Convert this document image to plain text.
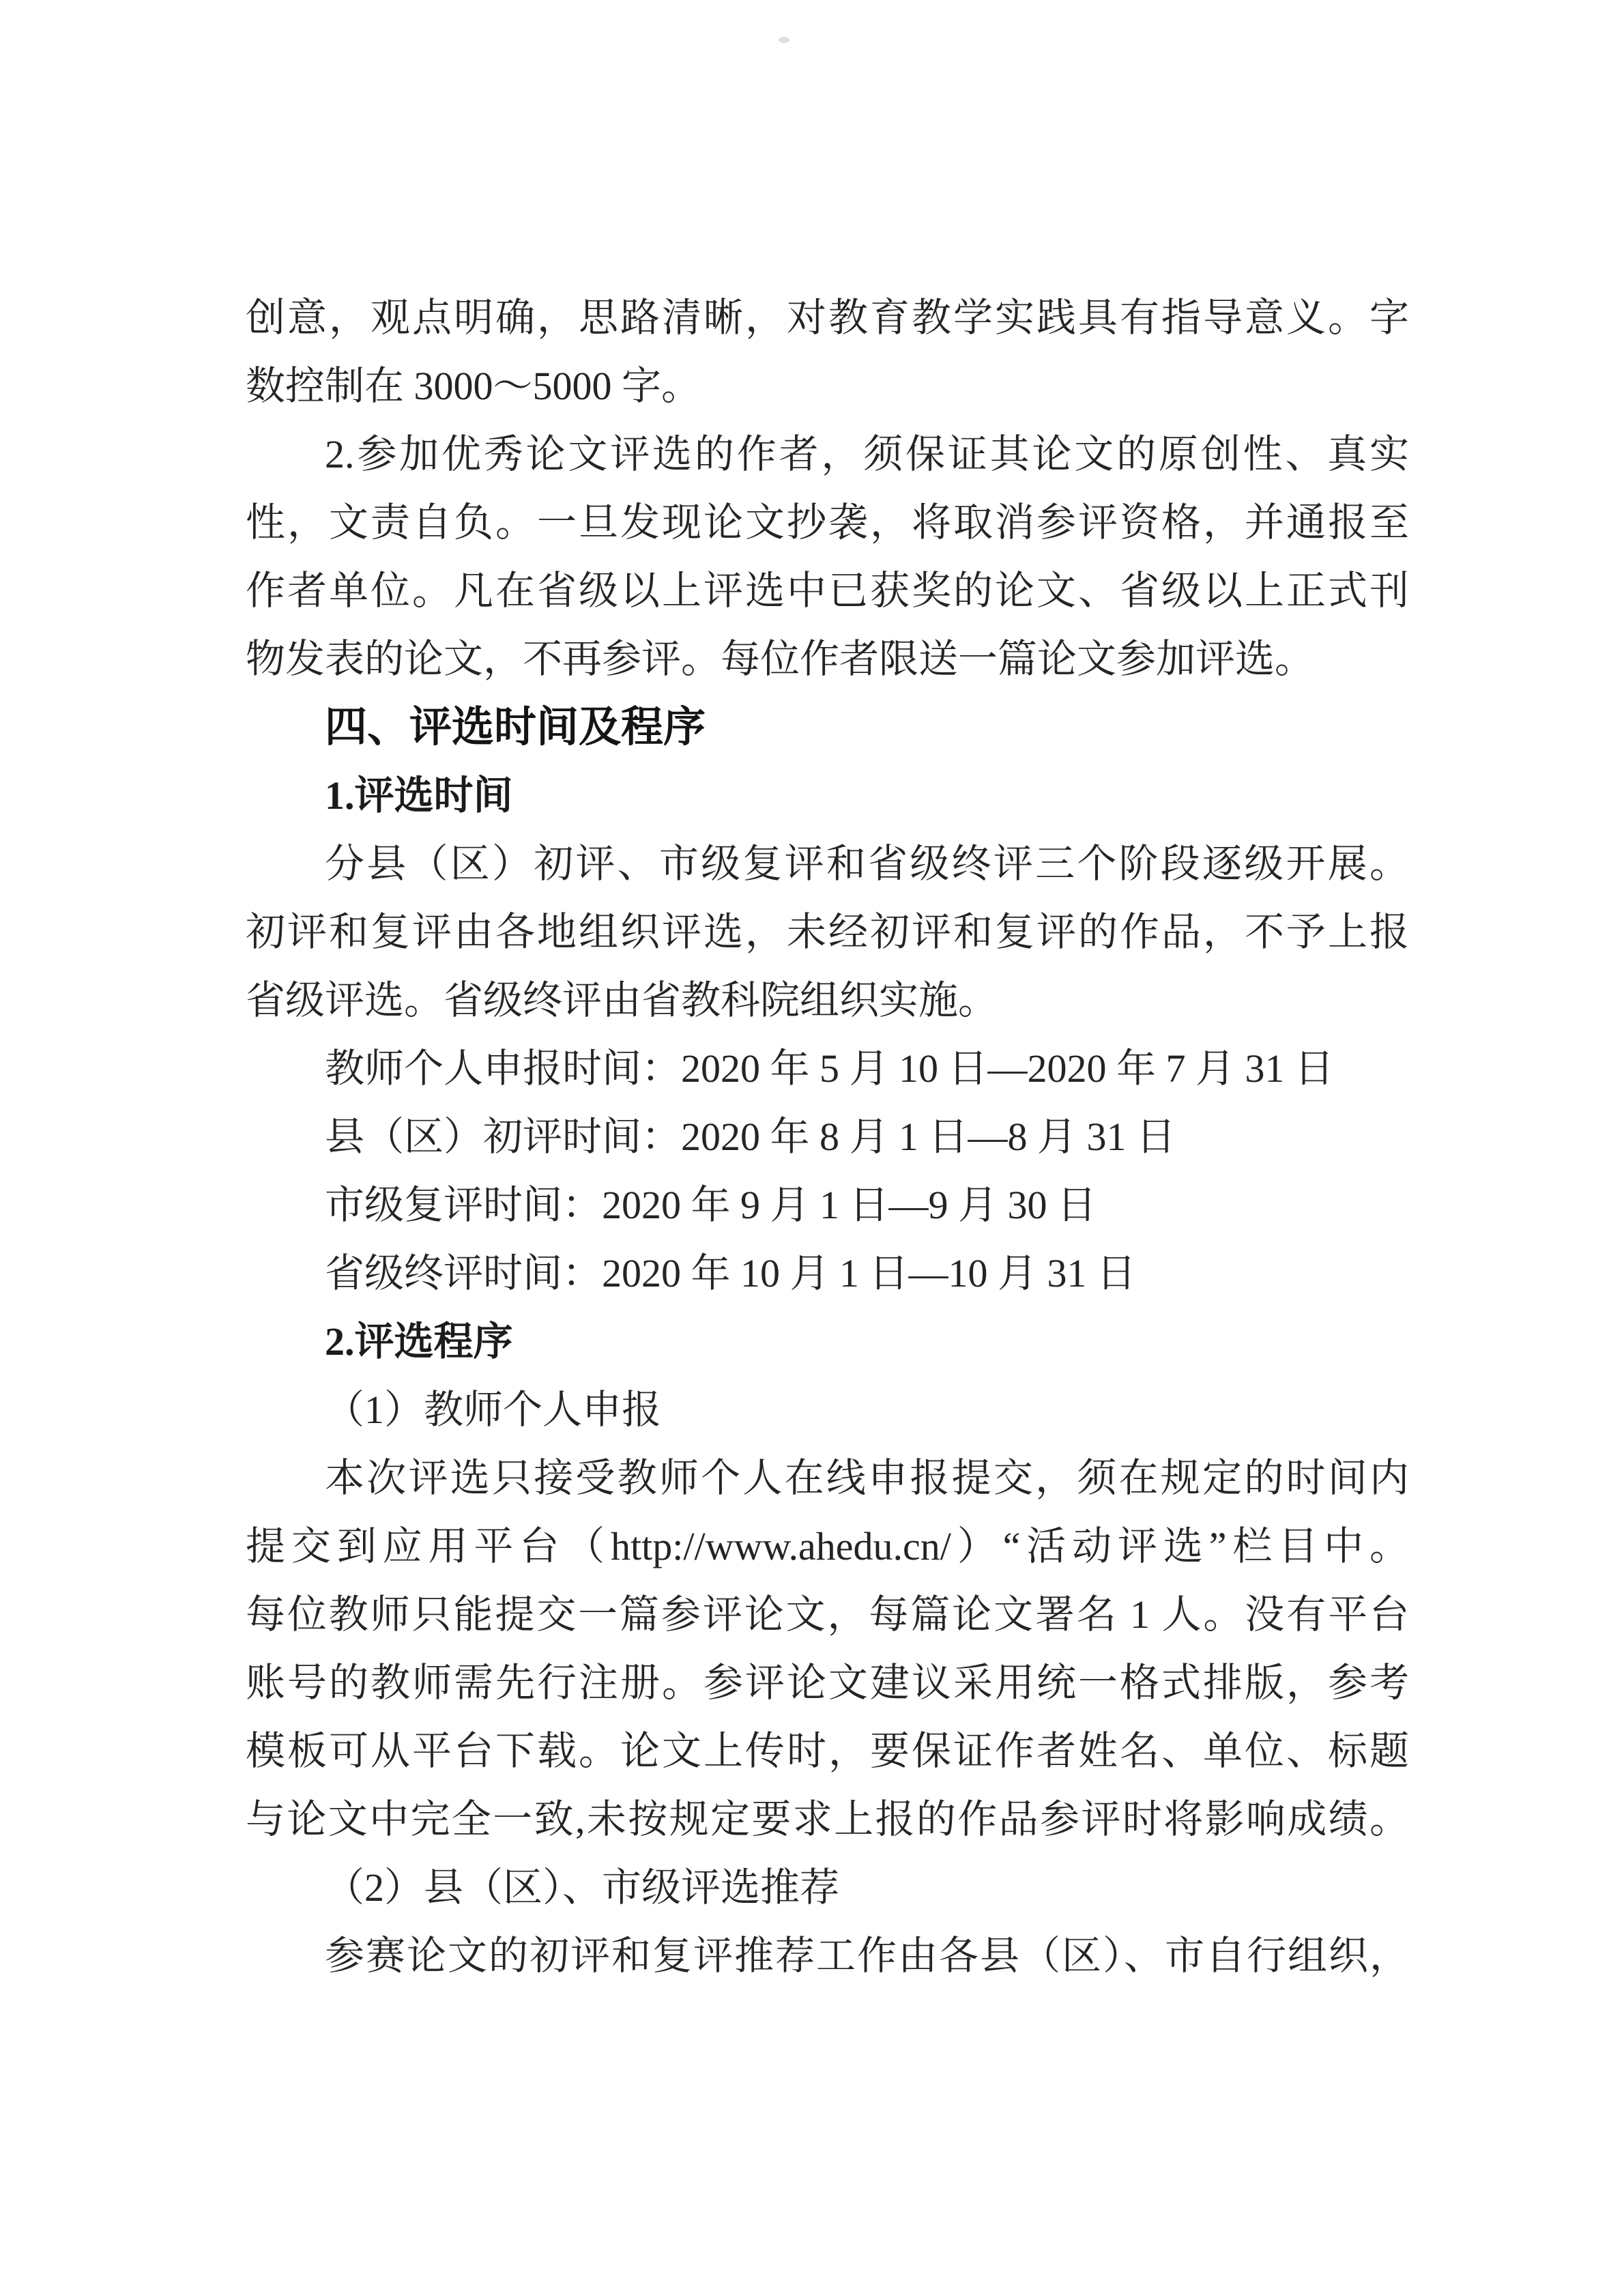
创意，观点明确，思路清晰，对教育教学实践具有指导意义。字
数控制在 3000～5000 字。
2.参加优秀论文评选的作者，须保证其论文的原创性、真实
性，文责自负。一旦发现论文抄袭，将取消参评资格，并通报至
作者单位。凡在省级以上评选中已获奖的论文、省级以上正式刊
物发表的论文，不再参评。每位作者限送一篇论文参加评选。
四、评选时间及程序
1.评选时间
分县（区）初评、市级复评和省级终评三个阶段逐级开展。
初评和复评由各地组织评选，未经初评和复评的作品，不予上报
省级评选。省级终评由省教科院组织实施。
教师个人申报时间：2020 年 5 月 10 日—2020 年 7 月 31 日
县（区）初评时间：2020 年 8 月 1 日—8 月 31 日
市级复评时间：2020 年 9 月 1 日—9 月 30 日
省级终评时间：2020 年 10 月 1 日—10 月 31 日
2.评选程序
（1）教师个人申报
本次评选只接受教师个人在线申报提交，须在规定的时间内
提交到应用平台（http://www.ahedu.cn/）“活动评选”栏目中。
每位教师只能提交一篇参评论文，每篇论文署名 1 人。没有平台
账号的教师需先行注册。参评论文建议采用统一格式排版，参考
模板可从平台下载。论文上传时，要保证作者姓名、单位、标题
与论文中完全一致,未按规定要求上报的作品参评时将影响成绩。
（2）县（区）、市级评选推荐
参赛论文的初评和复评推荐工作由各县（区）、市自行组织，
